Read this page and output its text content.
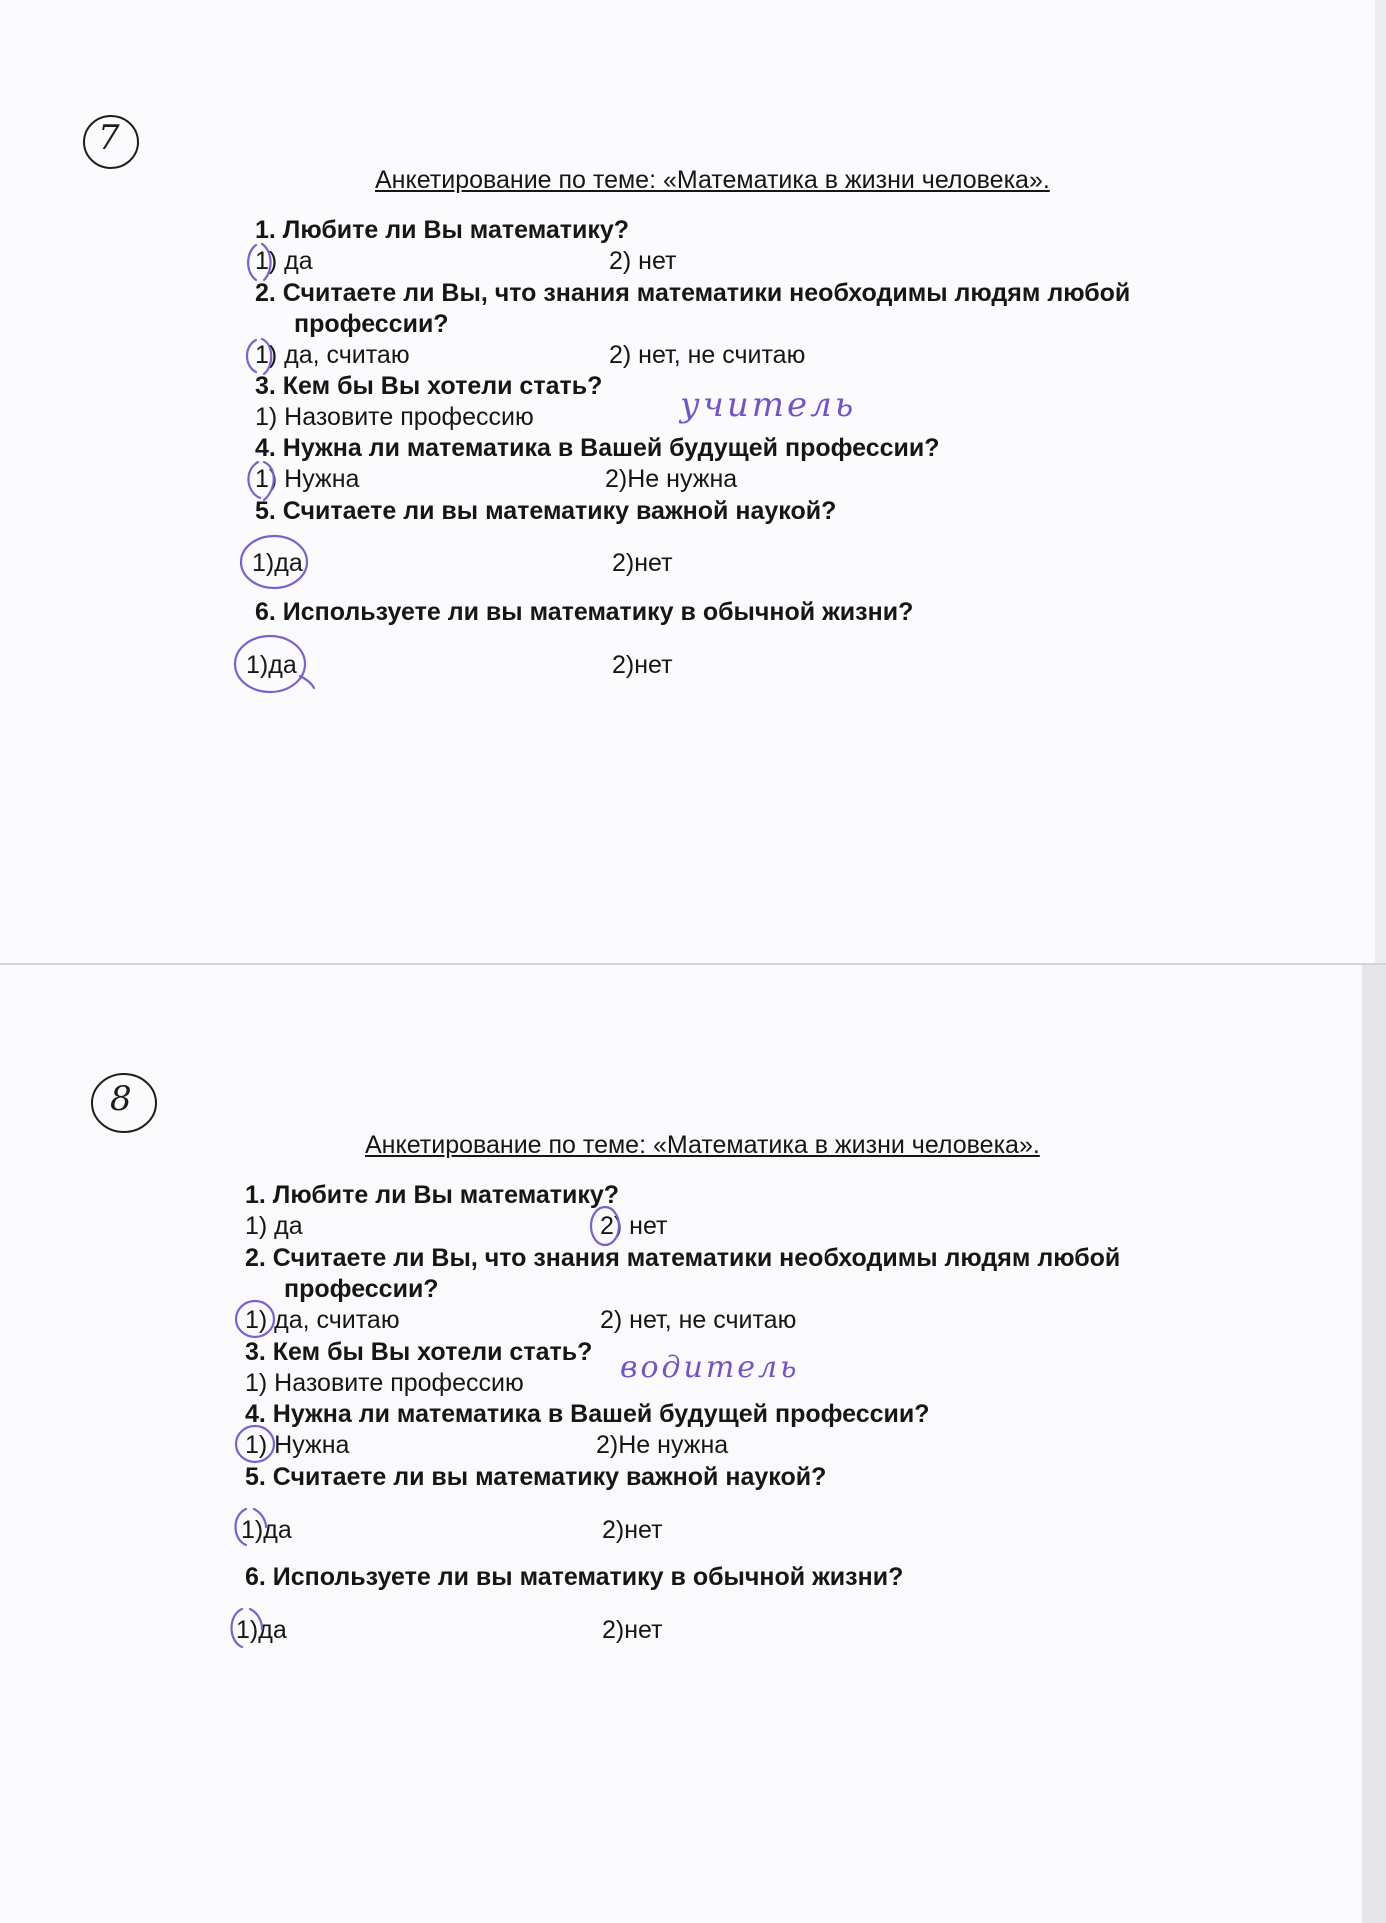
7
Анкетирование по теме: «Математика в жизни человека».
1. Любите ли Вы математику?
1) да	2) нет
2. Считаете ли Вы, что знания математики необходимы людям любой
профессии?
1) да, считаю	2) нет, не считаю
3. Кем бы Вы хотели стать?
1) Назовите профессию	учитель
4. Нужна ли математика в Вашей будущей профессии?
1) Нужна	2)Не нужна
5. Считаете ли вы математику важной наукой?
1)да	2)нет
6. Используете ли вы математику в обычной жизни?
1)да	2)нет
8
Анкетирование по теме: «Математика в жизни человека».
1. Любите ли Вы математику?
1) да	2) нет
2. Считаете ли Вы, что знания математики необходимы людям любой
профессии?
1) да, считаю	2) нет, не считаю
3. Кем бы Вы хотели стать?
1) Назовите профессию	водитель
4. Нужна ли математика в Вашей будущей профессии?
1) Нужна	2)Не нужна
5. Считаете ли вы математику важной наукой?
1)да	2)нет
6. Используете ли вы математику в обычной жизни?
1)да	2)нет
